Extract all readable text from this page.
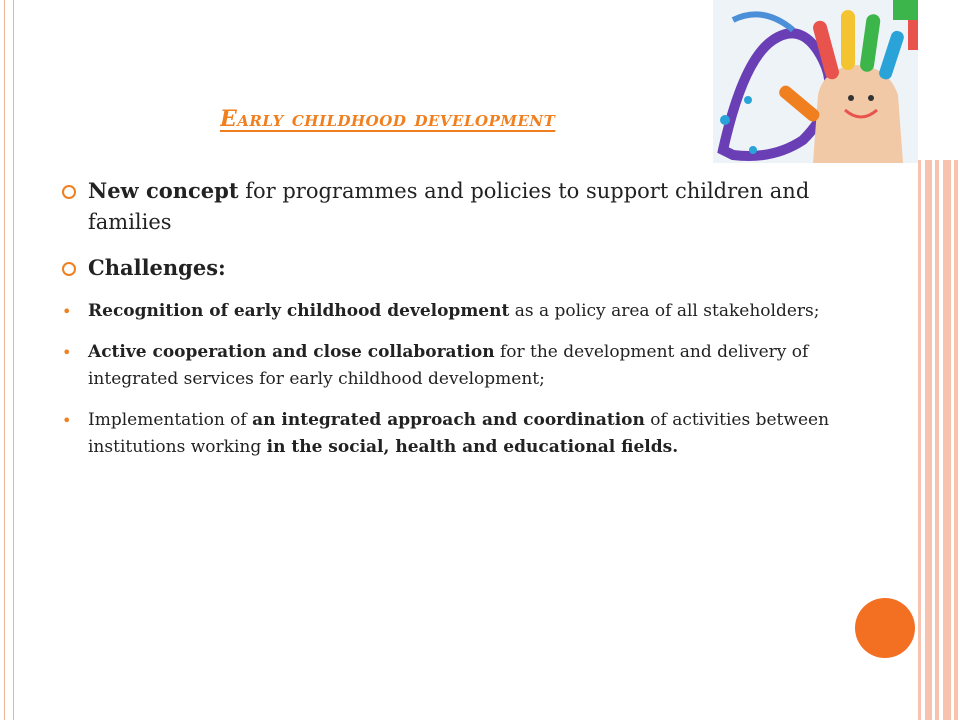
Early childhood development
New concept for programmes and policies to support children and families
Challenges:
• Recognition of early childhood development as a policy area of all stakeholders;
• Active cooperation and close collaboration for the development and delivery of integrated services for early childhood development;
• Implementation of an integrated approach and coordination of activities between institutions working in the social, health and educational fields.
